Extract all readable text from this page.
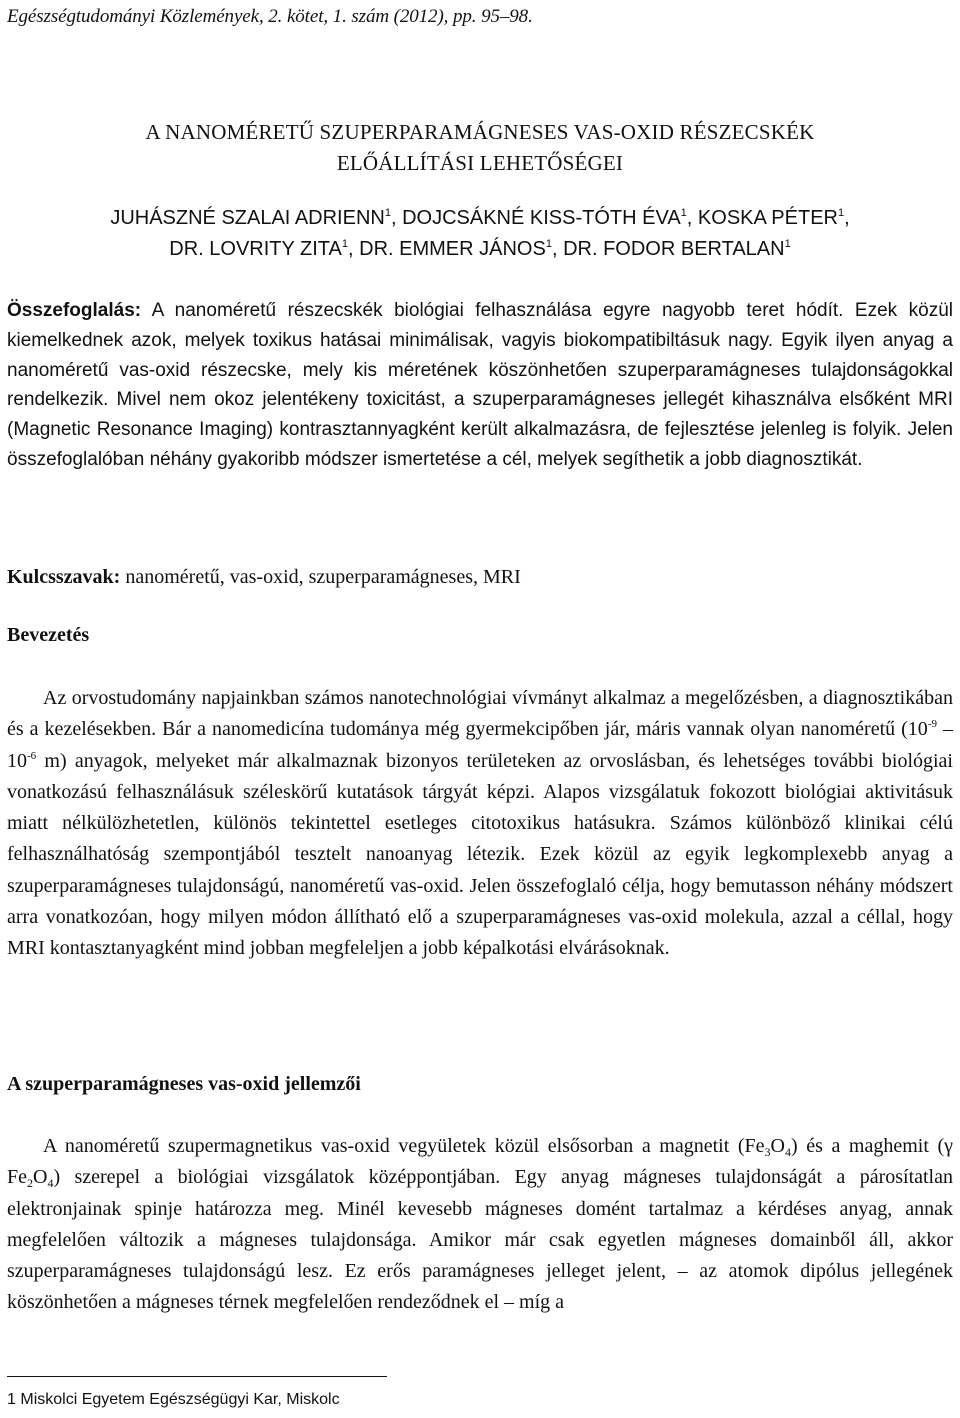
Egészségtudományi Közlemények, 2. kötet, 1. szám (2012), pp. 95–98.
A NANOMÉRETŰ SZUPERPARAMÁGNESES VAS-OXID RÉSZECSKÉK
ELŐÁLLÍTÁSI LEHETŐSÉGEI
JUHÁSZNÉ SZALAI ADRIENN$^1$, DOJCSÁKNÉ KISS-TÓTH ÉVA$^1$, KOSKA PÉTER$^1$,
DR. LOVRITY ZITA$^1$, DR. EMMER JÁNOS$^1$, DR. FODOR BERTALAN$^1$
Összefoglalás: A nanoméretű részecskék biológiai felhasználása egyre nagyobb teret hódít. Ezek közül kiemelkednek azok, melyek toxikus hatásai minimálisak, vagyis biokompatibiltásuk nagy. Egyik ilyen anyag a nanoméretű vas-oxid részecske, mely kis méretének köszönhetően szuperparamágneses tulajdonságokkal rendelkezik. Mivel nem okoz jelentékeny toxicitást, a szuperparamágneses jellegét kihasználva elsőként MRI (Magnetic Resonance Imaging) kontrasztannyagként került alkalmazásra, de fejlesztése jelenleg is folyik. Jelen összefoglalóban néhány gyakoribb módszer ismertetése a cél, melyek segíthetik a jobb diagnosztikát.
Kulcsszavak: nanoméretű, vas-oxid, szuperparamágneses, MRI
Bevezetés
Az orvostudomány napjainkban számos nanotechnológiai vívmányt alkalmaz a megelőzésben, a diagnosztikában és a kezelésekben. Bár a nanomedicína tudománya még gyermekcipőben jár, máris vannak olyan nanoméretű ($10^{-9} - 10^{-6}$ m) anyagok, melyeket már alkalmaznak bizonyos területeken az orvoslásban, és lehetséges további biológiai vonatkozású felhasználásuk széleskörű kutatások tárgyát képzi. Alapos vizsgálatuk fokozott biológiai aktivitásuk miatt nélkülözhetetlen, különös tekintettel esetleges citotoxikus hatásukra. Számos különböző klinikai célú felhasználhatóság szempontjából tesztelt nanoanyag létezik. Ezek közül az egyik legkomplexebb anyag a szuperparamágneses tulajdonságú, nanoméretű vas-oxid. Jelen összefoglaló célja, hogy bemutasson néhány módszert arra vonatkozóan, hogy milyen módon állítható elő a szuperparamágneses vas-oxid molekula, azzal a céllal, hogy MRI kontasztanyagként mind jobban megfeleljen a jobb képalkotási elvárásoknak.
A szuperparamágneses vas-oxid jellemzői
A nanoméretű szupermagnetikus vas-oxid vegyületek közül elsősorban a magnetit $(Fe_3O_4)$ és a maghemit (γ $Fe_2O_4$) szerepel a biológiai vizsgálatok középpontjában. Egy anyag mágneses tulajdonságát a párosítatlan elektronjainak spinje határozza meg. Minél kevesebb mágneses domént tartalmaz a kérdéses anyag, annak megfelelően változik a mágneses tulajdonsága. Amikor már csak egyetlen mágneses domainből áll, akkor szuperparamágneses tulajdonságú lesz. Ez erős paramágneses jelleget jelent, – az atomok dipólus jellegének köszönhetően a mágneses térnek megfelelően rendeződnek el – míg a
1 Miskolci Egyetem Egészségügyi Kar, Miskolc
